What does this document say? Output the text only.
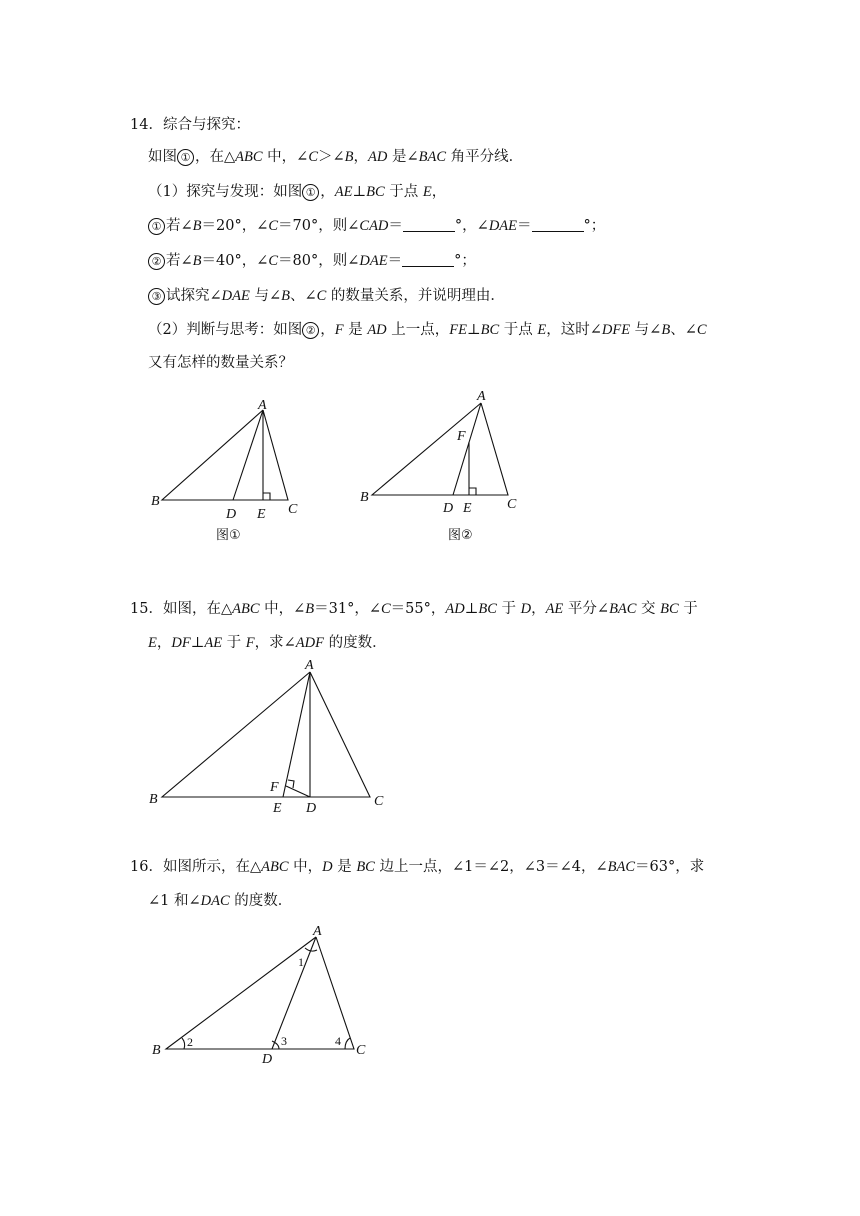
14．综合与探究：
如图 ① ，在△ABC 中，∠C＞∠B，AD 是∠BAC 角平分线．
（1）探究与发现：如图 ① ，AE⊥BC 于点 E，
① 若∠B＝20°，∠C＝70°，则∠CAD＝	°，∠DAE＝	°；
② 若∠B＝40°，∠C＝80°，则∠DAE＝	°；
③ 试探究∠DAE 与∠B、∠C 的数量关系，并说明理由．
（2）判断与思考：如图 ② ，F 是 AD 上一点，FE⊥BC 于点 E，这时∠DFE 与∠B、∠C
又有怎样的数量关系？
A
B
D E C
图①
A
F
B
D E	C
图②
A
B
F
E D	C
A
B
D
C
1
2	3	4
15．如图，在△ABC 中，∠B＝31°，∠C＝55°，AD⊥BC 于 D，AE 平分∠BAC 交 BC 于
E，DF⊥AE 于 F，求∠ADF 的度数．
16．如图所示，在△ABC 中，D 是 BC 边上一点，∠1＝∠2，∠3＝∠4，∠BAC＝63°，求
∠1 和∠DAC 的度数．
